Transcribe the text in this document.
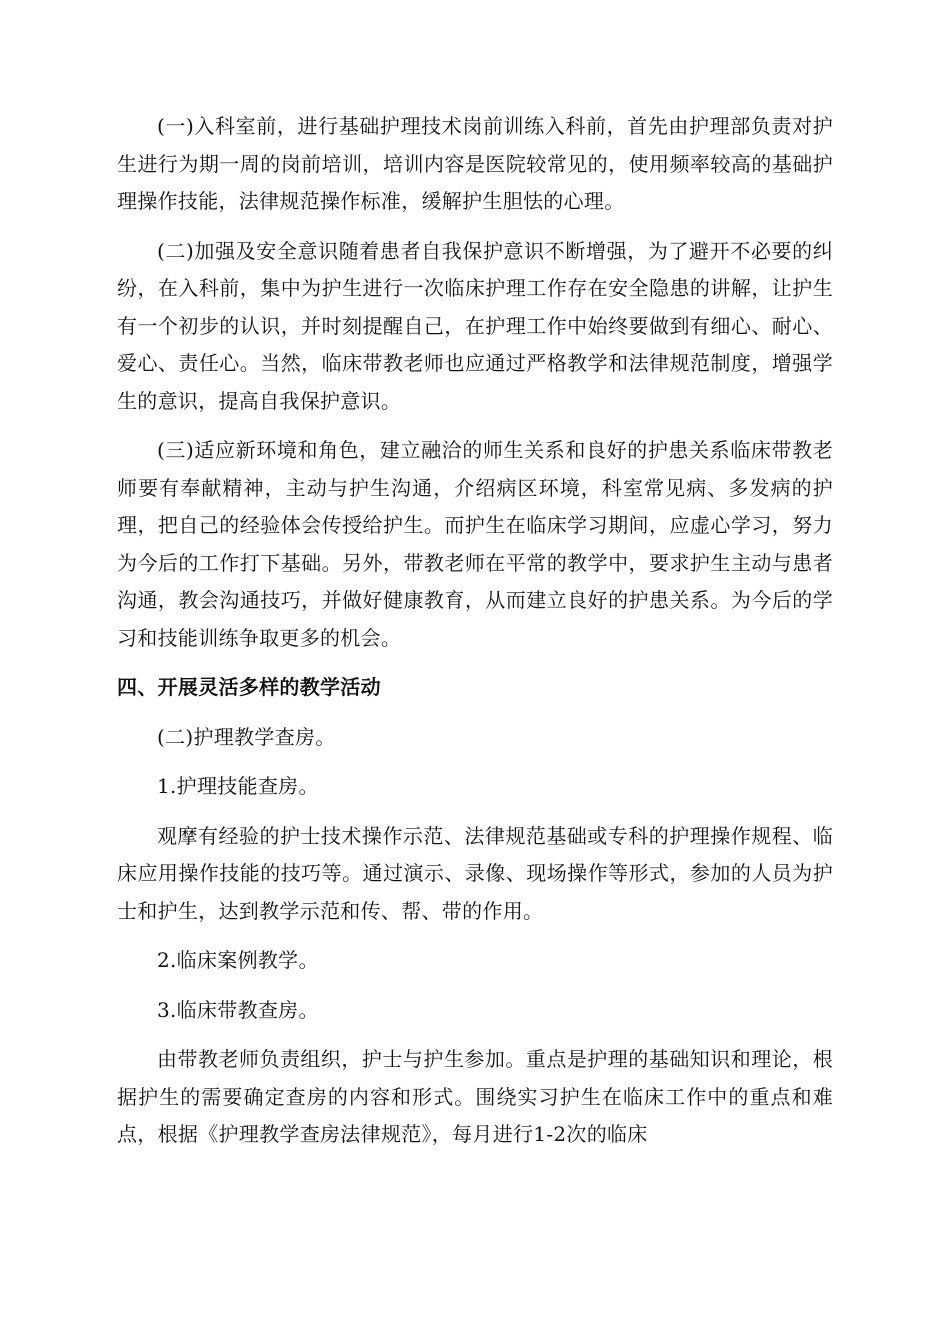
(一)入科室前，进行基础护理技术岗前训练入科前，首先由护理部负责对护生进行为期一周的岗前培训，培训内容是医院较常见的，使用频率较高的基础护理操作技能，法律规范操作标准，缓解护生胆怯的心理。

(二)加强及安全意识随着患者自我保护意识不断增强，为了避开不必要的纠纷，在入科前，集中为护生进行一次临床护理工作存在安全隐患的讲解，让护生有一个初步的认识，并时刻提醒自己，在护理工作中始终要做到有细心、耐心、爱心、责任心。当然，临床带教老师也应通过严格教学和法律规范制度，增强学生的意识，提高自我保护意识。

(三)适应新环境和角色，建立融洽的师生关系和良好的护患关系临床带教老师要有奉献精神，主动与护生沟通，介绍病区环境，科室常见病、多发病的护理，把自己的经验体会传授给护生。而护生在临床学习期间，应虚心学习，努力为今后的工作打下基础。另外，带教老师在平常的教学中，要求护生主动与患者沟通，教会沟通技巧，并做好健康教育，从而建立良好的护患关系。为今后的学习和技能训练争取更多的机会。

四、开展灵活多样的教学活动

(二)护理教学查房。

1.护理技能查房。

观摩有经验的护士技术操作示范、法律规范基础或专科的护理操作规程、临床应用操作技能的技巧等。通过演示、录像、现场操作等形式，参加的人员为护士和护生，达到教学示范和传、帮、带的作用。

2.临床案例教学。

3.临床带教查房。

由带教老师负责组织，护士与护生参加。重点是护理的基础知识和理论，根据护生的需要确定查房的内容和形式。围绕实习护生在临床工作中的重点和难点，根据《护理教学查房法律规范》，每月进行1-2次的临床
